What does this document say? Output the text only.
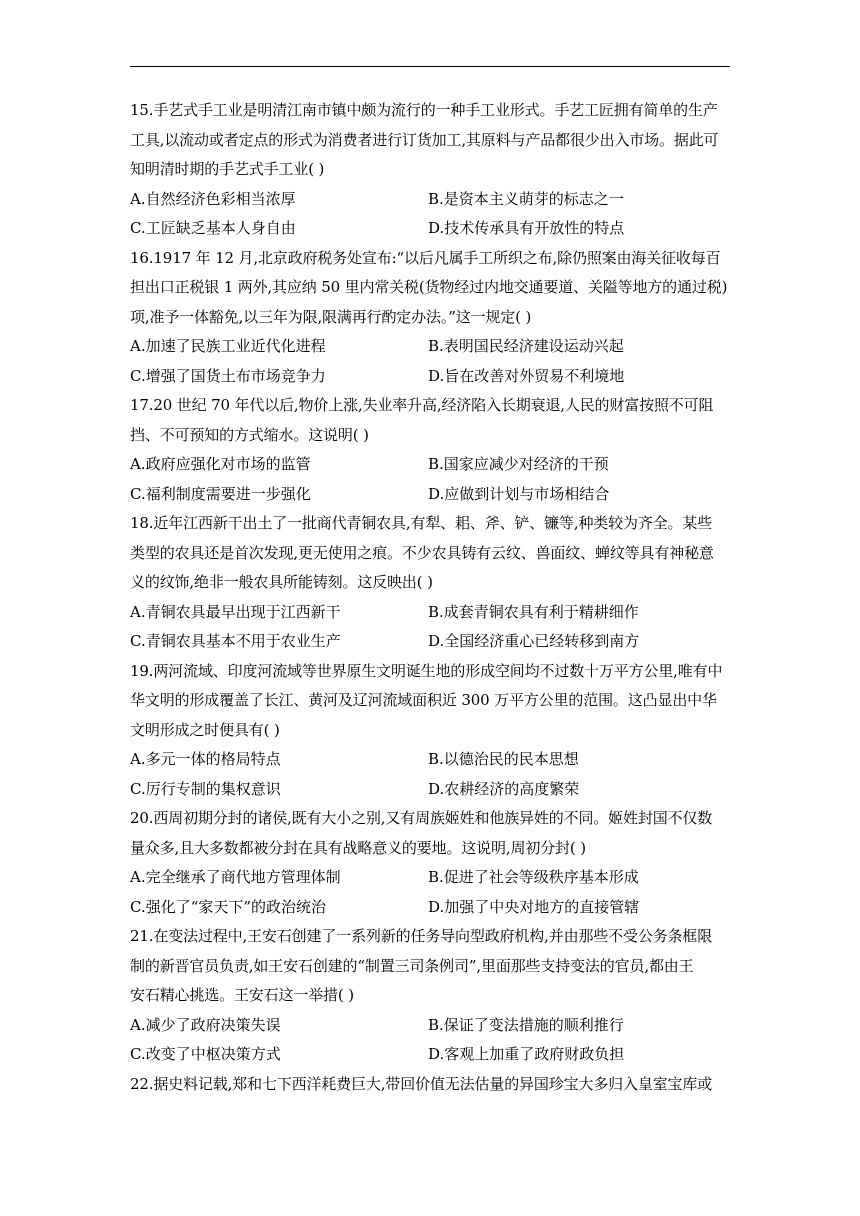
15.手艺式手工业是明清江南市镇中颇为流行的一种手工业形式。手艺工匠拥有简单的生产
工具,以流动或者定点的形式为消费者进行订货加工,其原料与产品都很少出入市场。据此可
知明清时期的手艺式手工业( )
A.自然经济色彩相当浓厚	B.是资本主义萌芽的标志之一
C.工匠缺乏基本人身自由	D.技术传承具有开放性的特点
16.1917 年 12 月,北京政府税务处宣布:“以后凡属手工所织之布,除仍照案由海关征收每百
担出口正税银 1 两外,其应纳 50 里内常关税(货物经过内地交通要道、关隘等地方的通过税)
项,准予一体豁免,以三年为限,限满再行酌定办法。”这一规定( )
A.加速了民族工业近代化进程	B.表明国民经济建设运动兴起
C.增强了国货土布市场竞争力	D.旨在改善对外贸易不利境地
17.20 世纪 70 年代以后,物价上涨,失业率升高,经济陷入长期衰退,人民的财富按照不可阻
挡、不可预知的方式缩水。这说明( )
A.政府应强化对市场的监管	B.国家应减少对经济的干预
C.福利制度需要进一步强化	D.应做到计划与市场相结合
18.近年江西新干出土了一批商代青铜农具,有犁、耜、斧、铲、镰等,种类较为齐全。某些
类型的农具还是首次发现,更无使用之痕。不少农具铸有云纹、兽面纹、蝉纹等具有神秘意
义的纹饰,绝非一般农具所能铸刻。这反映出( )
A.青铜农具最早出现于江西新干	B.成套青铜农具有利于精耕细作
C.青铜农具基本不用于农业生产	D.全国经济重心已经转移到南方
19.两河流域、印度河流域等世界原生文明诞生地的形成空间均不过数十万平方公里,唯有中
华文明的形成覆盖了长江、黄河及辽河流域面积近 300 万平方公里的范围。这凸显出中华
文明形成之时便具有( )
A.多元一体的格局特点	B.以德治民的民本思想
C.厉行专制的集权意识	D.农耕经济的高度繁荣
20.西周初期分封的诸侯,既有大小之别,又有周族姬姓和他族异姓的不同。姬姓封国不仅数
量众多,且大多数都被分封在具有战略意义的要地。这说明,周初分封( )
A.完全继承了商代地方管理体制	B.促进了社会等级秩序基本形成
C.强化了“家天下”的政治统治	D.加强了中央对地方的直接管辖
21.在变法过程中,王安石创建了一系列新的任务导向型政府机构,并由那些不受公务条框限
制的新晋官员负责,如王安石创建的“制置三司条例司”,里面那些支持变法的官员,都由王
安石精心挑选。王安石这一举措( )
A.减少了政府决策失误	B.保证了变法措施的顺利推行
C.改变了中枢决策方式	D.客观上加重了政府财政负担
22.据史料记载,郑和七下西洋耗费巨大,带回价值无法估量的异国珍宝大多归入皇室宝库或
